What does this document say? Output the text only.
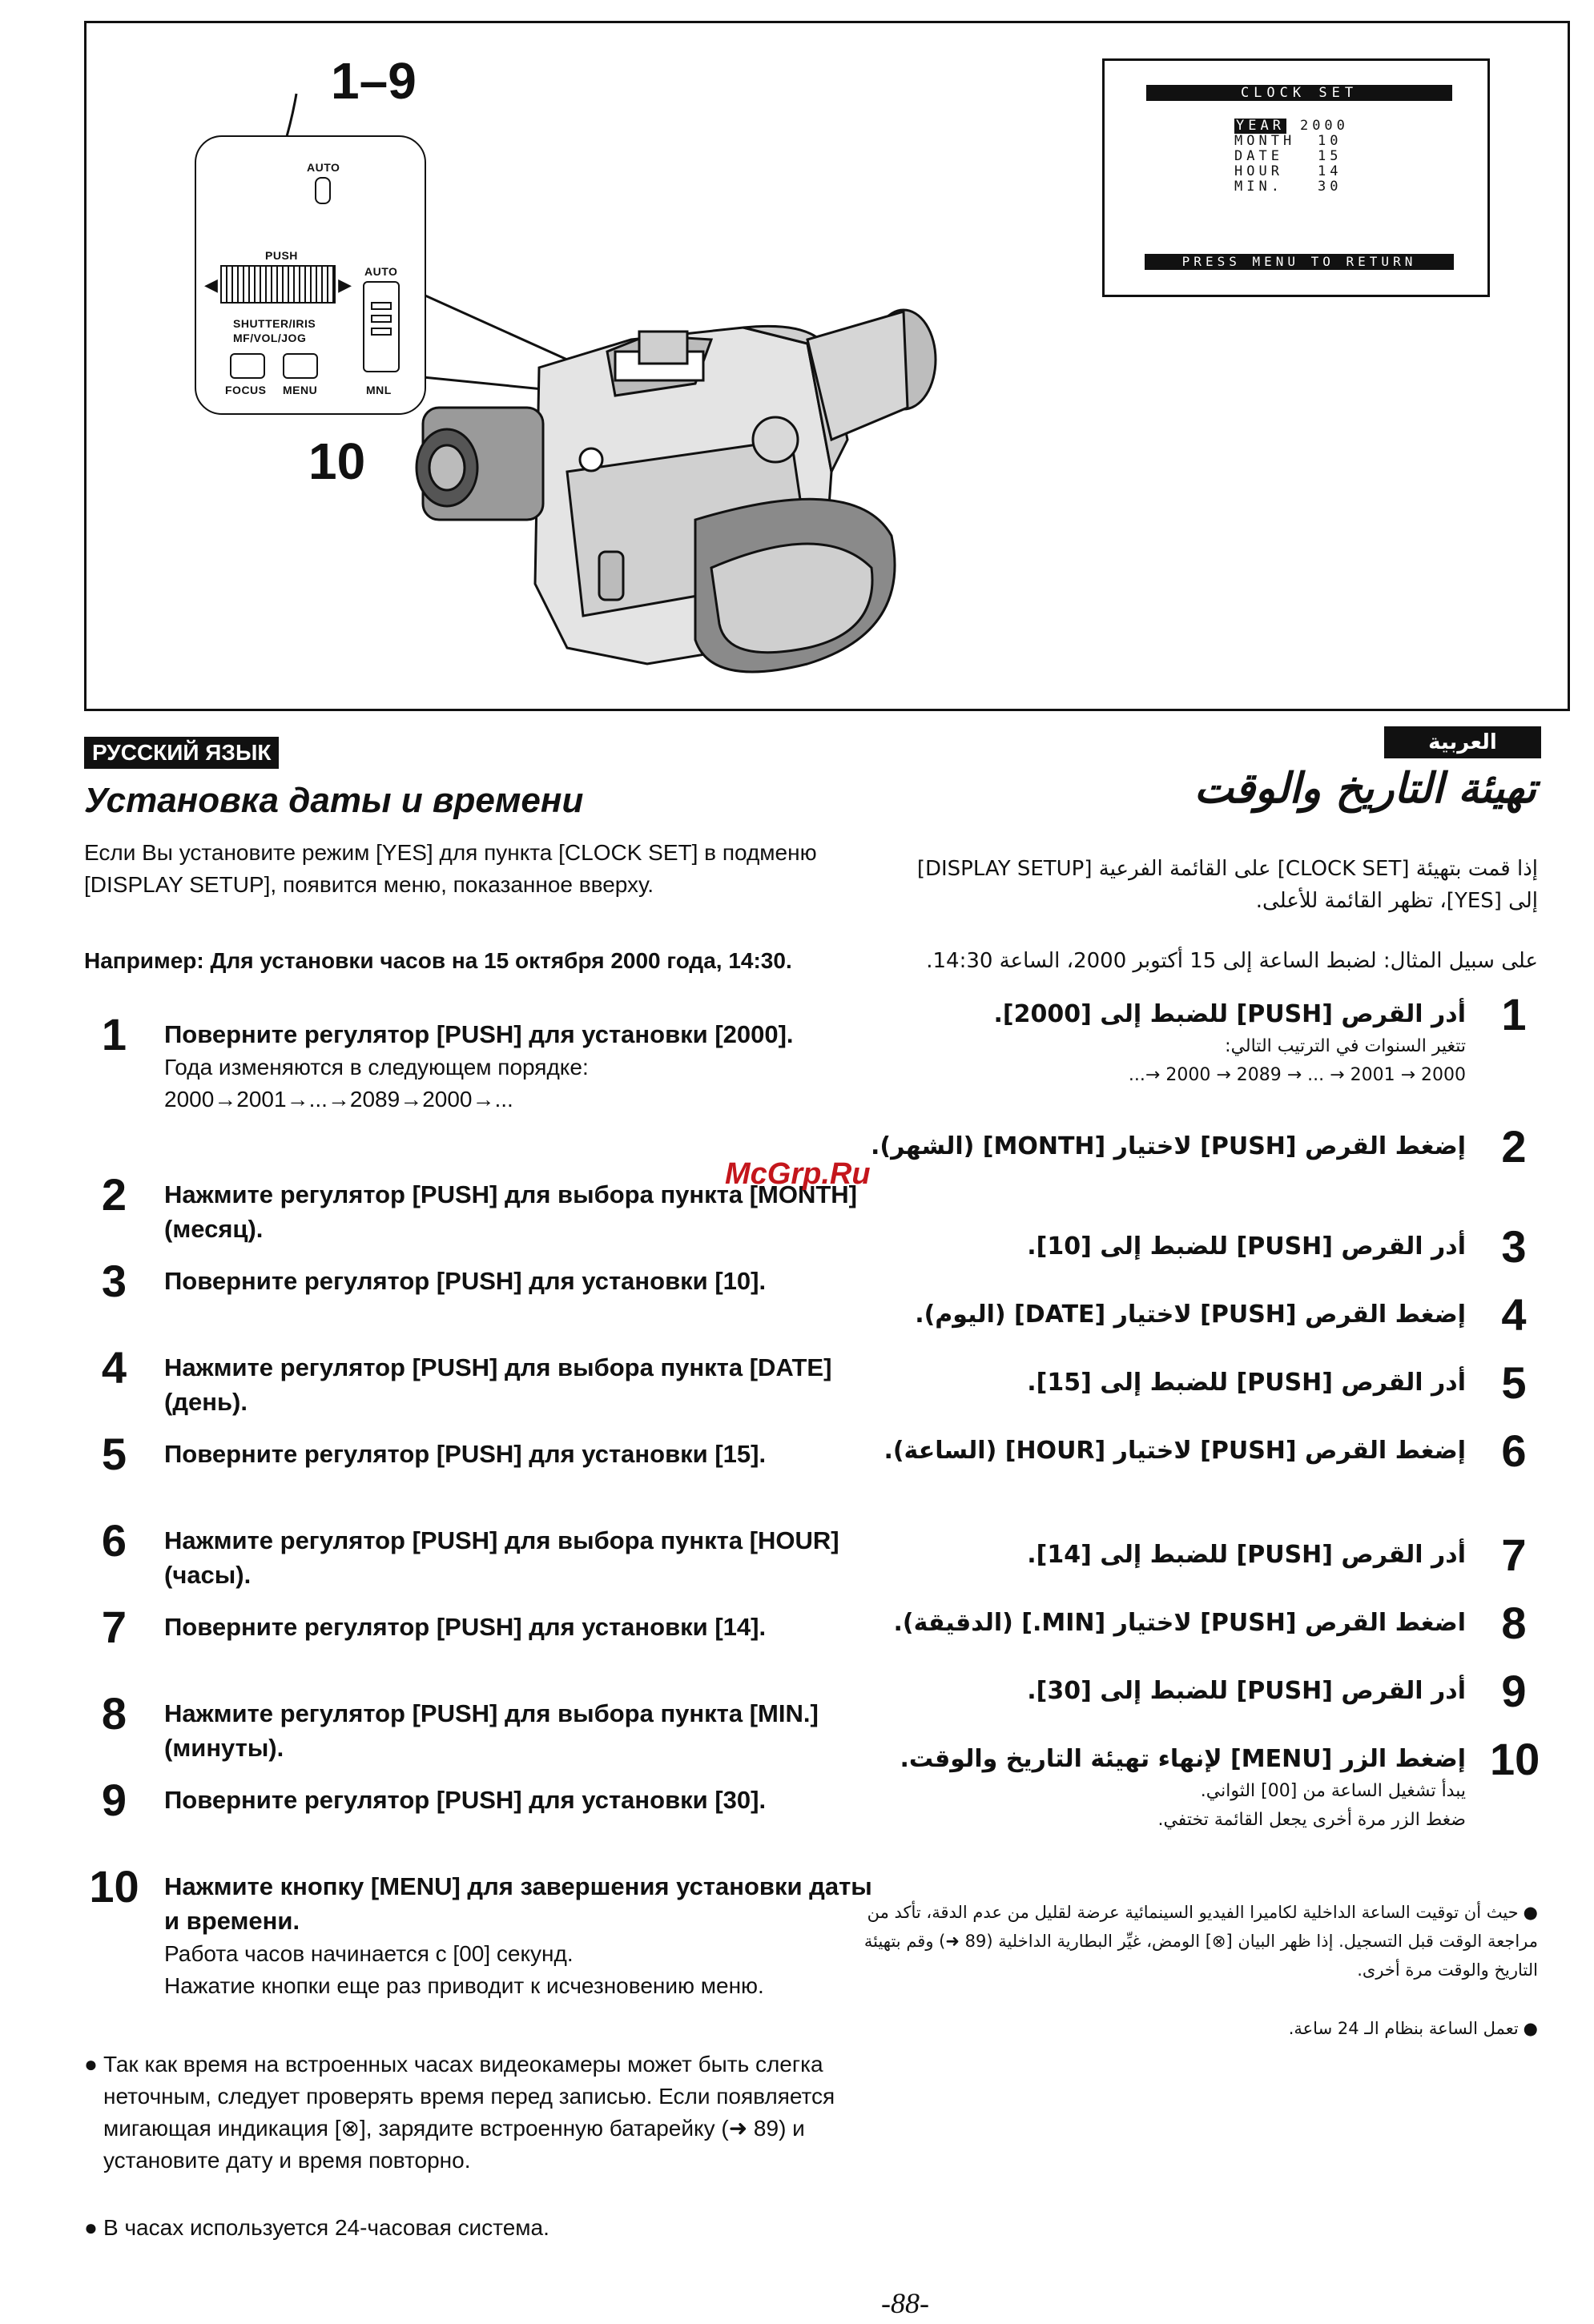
1–9
10
AUTO
PUSH
◀	▶
AUTO
SHUTTER/IRIS
MF/VOL/JOG
FOCUS MENU	MNL
CLOCK SET
YEAR 2000
MONTH 10
DATE	15
HOUR	14
MIN.	30
PRESS MENU TO RETURN
РУССКИЙ ЯЗЫК
Установка даты и времени

Если Вы установите режим [YES] для пункта [CLOCK SET] в подменю [DISPLAY SETUP], появится меню, показанное вверху.

Например: Для установки часов на 15 октября 2000 года, 14:30.
1	Поверните регулятор [PUSH] для установки [2000].
Года изменяются в следующем порядке:
2000→2001→...→2089→2000→...
2	Нажмите регулятор [PUSH] для выбора пункта [MONTH] (месяц).
3	Поверните регулятор [PUSH] для установки [10].
4	Нажмите регулятор [PUSH] для выбора пункта [DATE] (день).
5	Поверните регулятор [PUSH] для установки [15].
6	Нажмите регулятор [PUSH] для выбора пункта [HOUR] (часы).
7	Поверните регулятор [PUSH] для установки [14].
8	Нажмите регулятор [PUSH] для выбора пункта [MIN.] (минуты).
9	Поверните регулятор [PUSH] для установки [30].
10 Нажмите кнопку [MENU] для завершения установки даты и времени.
Работа часов начинается с [00] секунд.
Нажатие кнопки еще раз приводит к исчезновению меню.
● Так как время на встроенных часах видеокамеры может быть слегка неточным, следует проверять время перед записью. Если появляется мигающая индикация [⊗], зарядите встроенную батарейку (➜ 89) и установите дату и время повторно.
● В часах используется 24-часовая система.
العربية
تهيئة التاريخ والوقت
إذا قمت بتهيئة [CLOCK SET] على القائمة الفرعية [DISPLAY SETUP] إلى [YES]، تظهر القائمة للأعلى.
على سبيل المثال: لضبط الساعة إلى 15 أكتوبر 2000، الساعة 14:30.
1
أدر القرص [PUSH] للضبط إلى [2000].
تتغير السنوات في الترتيب التالي:
2000 → 2001 → ... → 2089 → 2000 →...
2
إضغط القرص [PUSH] لاختيار [MONTH] (الشهر).
3
أدر القرص [PUSH] للضبط إلى [10].
4
إضغط القرص [PUSH] لاختيار [DATE] (اليوم).
5
أدر القرص [PUSH] للضبط إلى [15].
6
إضغط القرص [PUSH] لاختيار [HOUR] (الساعة).
7
أدر القرص [PUSH] للضبط إلى [14].
8
اضغط القرص [PUSH] لاختيار [MIN.] (الدقيقة).
9
أدر القرص [PUSH] للضبط إلى [30].
10
إضغط الزر [MENU] لإنهاء تهيئة التاريخ والوقت.
يبدأ تشغيل الساعة من [00] الثواني.
ضغط الزر مرة أخرى يجعل القائمة تختفي.
●حيث أن توقيت الساعة الداخلية لكاميرا الفيديو السينمائية عرضة لقليل من عدم الدقة، تأكد من مراجعة الوقت قبل التسجيل. إذا ظهر البيان [⊗] الومض، غيِّر البطارية الداخلية (89 ➜) وقم بتهيئة التاريخ والوقت مرة أخرى.
●تعمل الساعة بنظام الـ 24 ساعة.
McGrp.Ru
-88-
